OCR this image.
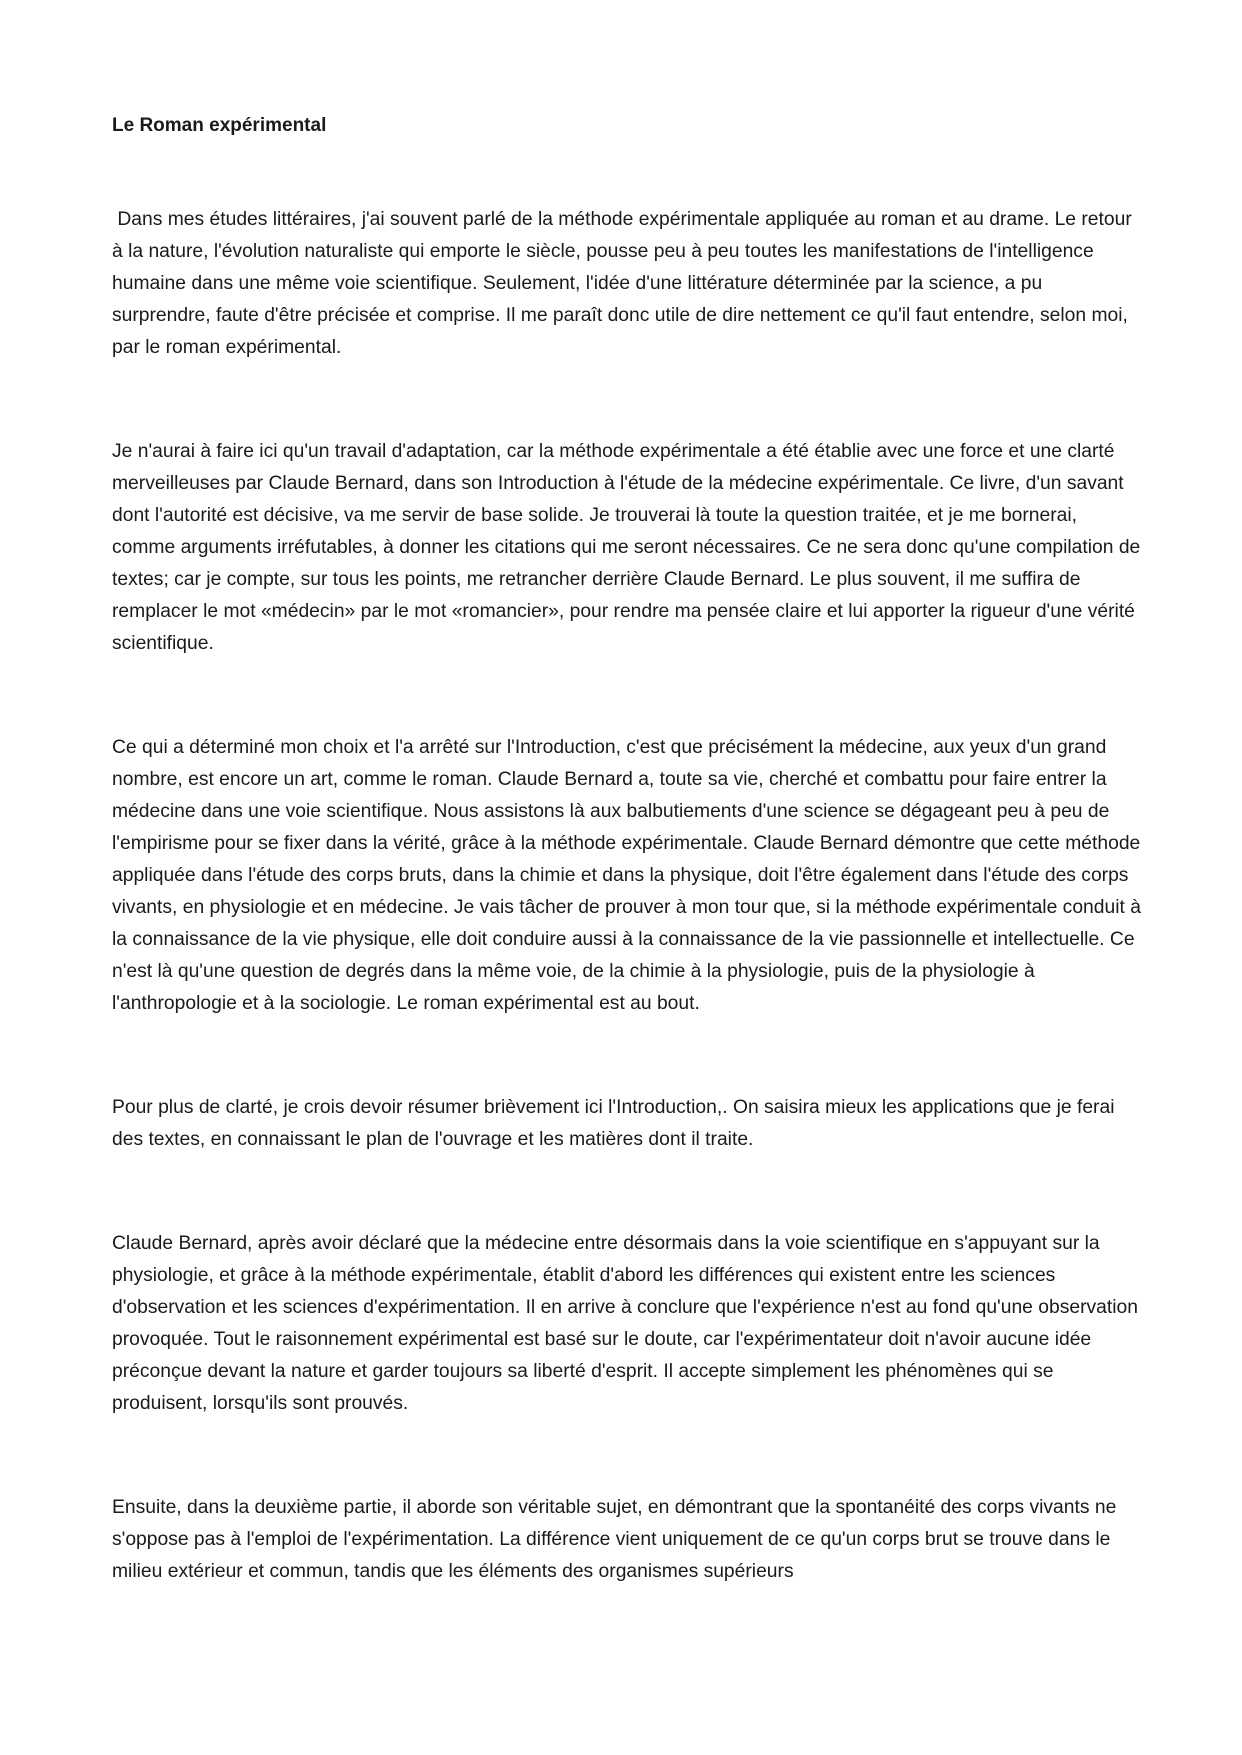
Le Roman expérimental

Dans mes études littéraires, j'ai souvent parlé de la méthode expérimentale appliquée au roman et au drame. Le retour à la nature, l'évolution naturaliste qui emporte le siècle, pousse peu à peu toutes les manifestations de l'intelligence humaine dans une même voie scientifique. Seulement, l'idée d'une littérature déterminée par la science, a pu surprendre, faute d'être précisée et comprise. Il me paraît donc utile de dire nettement ce qu'il faut entendre, selon moi, par le roman expérimental.

Je n'aurai à faire ici qu'un travail d'adaptation, car la méthode expérimentale a été établie avec une force et une clarté merveilleuses par Claude Bernard, dans son Introduction à l'étude de la médecine expérimentale. Ce livre, d'un savant dont l'autorité est décisive, va me servir de base solide. Je trouverai là toute la question traitée, et je me bornerai, comme arguments irréfutables, à donner les citations qui me seront nécessaires. Ce ne sera donc qu'une compilation de textes; car je compte, sur tous les points, me retrancher derrière Claude Bernard. Le plus souvent, il me suffira de remplacer le mot «médecin» par le mot «romancier», pour rendre ma pensée claire et lui apporter la rigueur d'une vérité scientifique.

Ce qui a déterminé mon choix et l'a arrêté sur l'Introduction, c'est que précisément la médecine, aux yeux d'un grand nombre, est encore un art, comme le roman. Claude Bernard a, toute sa vie, cherché et combattu pour faire entrer la médecine dans une voie scientifique. Nous assistons là aux balbutiements d'une science se dégageant peu à peu de l'empirisme pour se fixer dans la vérité, grâce à la méthode expérimentale. Claude Bernard démontre que cette méthode appliquée dans l'étude des corps bruts, dans la chimie et dans la physique, doit l'être également dans l'étude des corps vivants, en physiologie et en médecine. Je vais tâcher de prouver à mon tour que, si la méthode expérimentale conduit à la connaissance de la vie physique, elle doit conduire aussi à la connaissance de la vie passionnelle et intellectuelle. Ce n'est là qu'une question de degrés dans la même voie, de la chimie à la physiologie, puis de la physiologie à l'anthropologie et à la sociologie. Le roman expérimental est au bout.

Pour plus de clarté, je crois devoir résumer brièvement ici l'Introduction,. On saisira mieux les applications que je ferai des textes, en connaissant le plan de l'ouvrage et les matières dont il traite.

Claude Bernard, après avoir déclaré que la médecine entre désormais dans la voie scientifique en s'appuyant sur la physiologie, et grâce à la méthode expérimentale, établit d'abord les différences qui existent entre les sciences d'observation et les sciences d'expérimentation. Il en arrive à conclure que l'expérience n'est au fond qu'une observation provoquée. Tout le raisonnement expérimental est basé sur le doute, car l'expérimentateur doit n'avoir aucune idée préconçue devant la nature et garder toujours sa liberté d'esprit. Il accepte simplement les phénomènes qui se produisent, lorsqu'ils sont prouvés.

Ensuite, dans la deuxième partie, il aborde son véritable sujet, en démontrant que la spontanéité des corps vivants ne s'oppose pas à l'emploi de l'expérimentation. La différence vient uniquement de ce qu'un corps brut se trouve dans le milieu extérieur et commun, tandis que les éléments des organismes supérieurs
